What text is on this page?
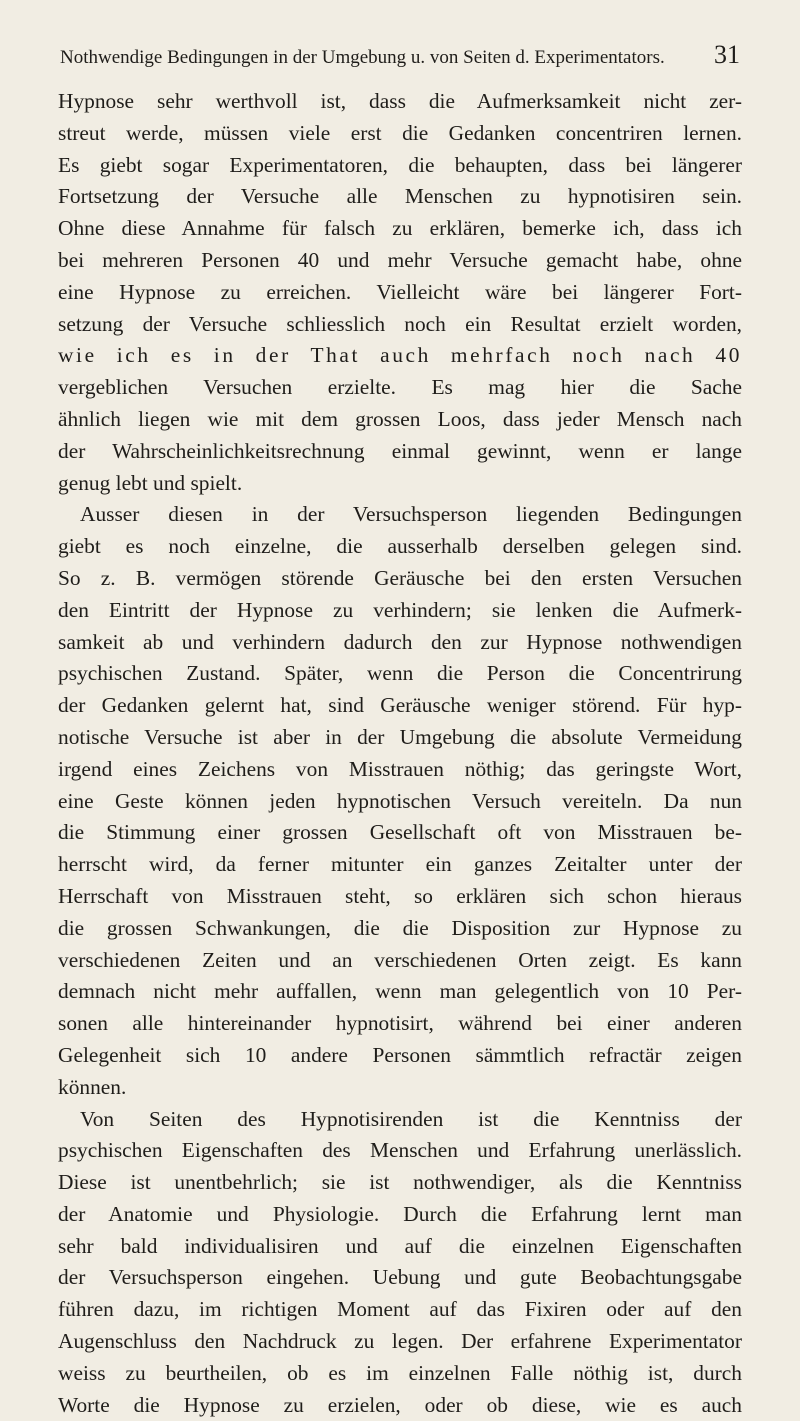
Nothwendige Bedingungen in der Umgebung u. von Seiten d. Experimentators. 31
Hypnose sehr werthvoll ist, dass die Aufmerksamkeit nicht zer-
streut werde, müssen viele erst die Gedanken concentriren lernen.
Es giebt sogar Experimentatoren, die behaupten, dass bei längerer
Fortsetzung der Versuche alle Menschen zu hypnotisiren sein.
Ohne diese Annahme für falsch zu erklären, bemerke ich, dass ich
bei mehreren Personen 40 und mehr Versuche gemacht habe, ohne
eine Hypnose zu erreichen. Vielleicht wäre bei längerer Fort-
setzung der Versuche schliesslich noch ein Resultat erzielt worden,
wie ich es in der That auch mehrfach noch nach 40
vergeblichen Versuchen erzielte. Es mag hier die Sache
ähnlich liegen wie mit dem grossen Loos, dass jeder Mensch nach
der Wahrscheinlichkeitsrechnung einmal gewinnt, wenn er lange
genug lebt und spielt.
Ausser diesen in der Versuchsperson liegenden Bedingungen
giebt es noch einzelne, die ausserhalb derselben gelegen sind.
So z. B. vermögen störende Geräusche bei den ersten Versuchen
den Eintritt der Hypnose zu verhindern; sie lenken die Aufmerk-
samkeit ab und verhindern dadurch den zur Hypnose nothwendigen
psychischen Zustand. Später, wenn die Person die Concentrirung
der Gedanken gelernt hat, sind Geräusche weniger störend. Für hyp-
notische Versuche ist aber in der Umgebung die absolute Vermeidung
irgend eines Zeichens von Misstrauen nöthig; das geringste Wort,
eine Geste können jeden hypnotischen Versuch vereiteln. Da nun
die Stimmung einer grossen Gesellschaft oft von Misstrauen be-
herrscht wird, da ferner mitunter ein ganzes Zeitalter unter der
Herrschaft von Misstrauen steht, so erklären sich schon hieraus
die grossen Schwankungen, die die Disposition zur Hypnose zu
verschiedenen Zeiten und an verschiedenen Orten zeigt. Es kann
demnach nicht mehr auffallen, wenn man gelegentlich von 10 Per-
sonen alle hintereinander hypnotisirt, während bei einer anderen
Gelegenheit sich 10 andere Personen sämmtlich refractär zeigen
können.
Von Seiten des Hypnotisirenden ist die Kenntniss der
psychischen Eigenschaften des Menschen und Erfahrung unerlässlich.
Diese ist unentbehrlich; sie ist nothwendiger, als die Kenntniss
der Anatomie und Physiologie. Durch die Erfahrung lernt man
sehr bald individualisiren und auf die einzelnen Eigenschaften
der Versuchsperson eingehen. Uebung und gute Beobachtungsgabe
führen dazu, im richtigen Moment auf das Fixiren oder auf den
Augenschluss den Nachdruck zu legen. Der erfahrene Experimentator
weiss zu beurtheilen, ob es im einzelnen Falle nöthig ist, durch
Worte die Hypnose zu erzielen, oder ob diese, wie es auch
